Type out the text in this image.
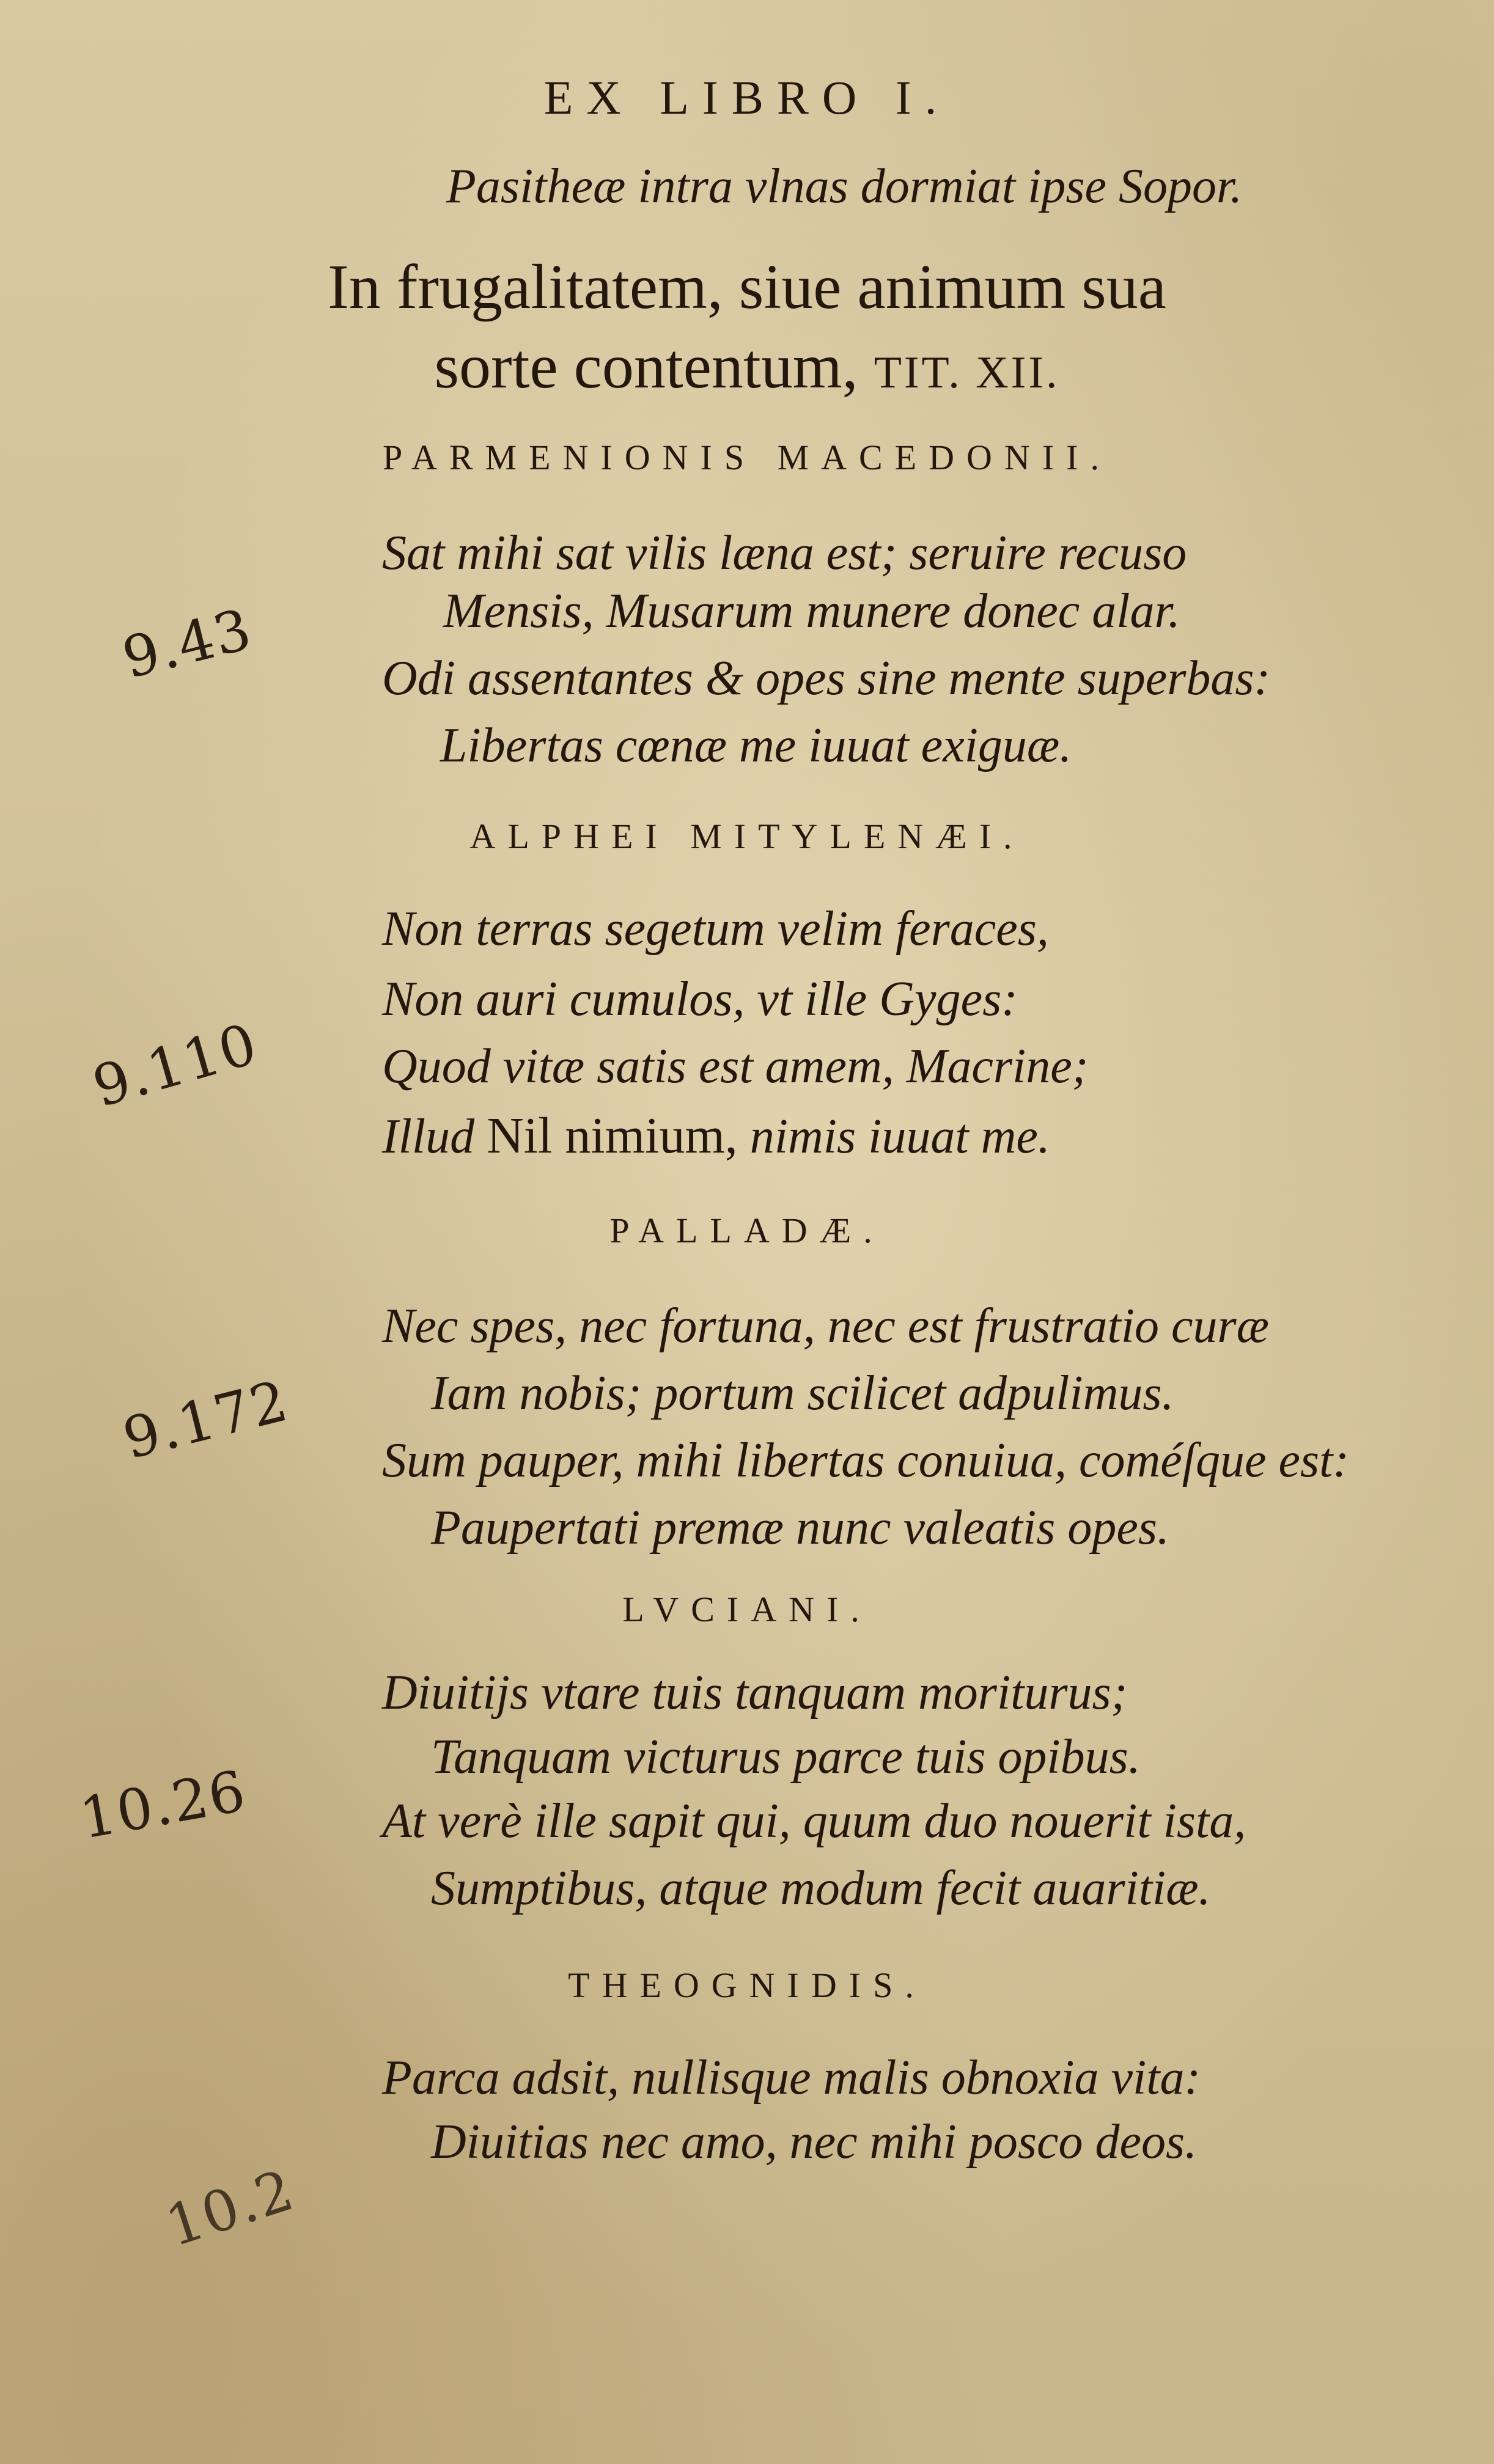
EX LIBRO I.
Pasitheæ intra vlnas dormiat ipse Sopor.
In frugalitatem, siue animum sua
sorte contentum, TIT. XII.
PARMENIONIS MACEDONII.
Sat mihi sat vilis læna est; seruire recuso
Mensis, Musarum munere donec alar.
Odi assentantes & opes sine mente superbas:
Libertas cœnæ me iuuat exiguæ.
9.43
ALPHEI MITYLENÆI.
Non terras segetum velim feraces,
Non auri cumulos, vt ille Gyges:
Quod vitæ satis est amem, Macrine;
Illud Nil nimium, nimis iuuat me.
9.110
PALLADÆ.
Nec spes, nec fortuna, nec est frustratio curæ
Iam nobis; portum scilicet adpulimus.
Sum pauper, mihi libertas conuiua, coméſque est:
Paupertati premæ nunc valeatis opes.
9.172
LVCIANI.
Diuitijs vtare tuis tanquam moriturus;
Tanquam victurus parce tuis opibus.
At verè ille sapit qui, quum duo nouerit ista,
Sumptibus, atque modum fecit auaritiæ.
10.26
THEOGNIDIS.
Parca adsit, nullisque malis obnoxia vita:
Diuitias nec amo, nec mihi posco deos.
10.2
